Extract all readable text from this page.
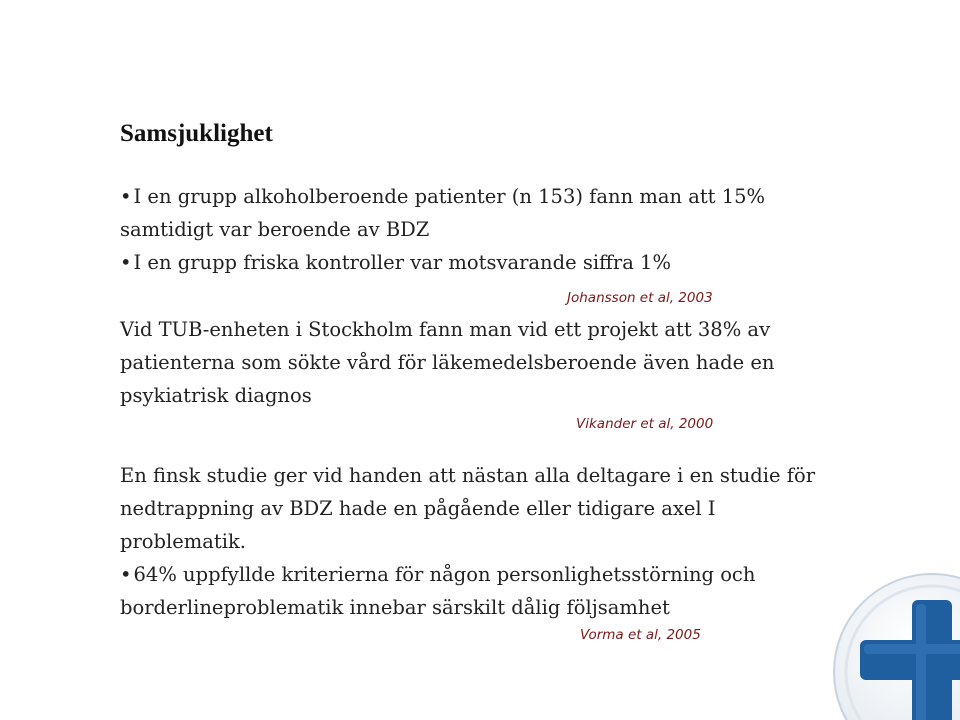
Samsjuklighet

• I en grupp alkoholberoende patienter (n 153) fann man att 15%
samtidigt var beroende av BDZ
• I en grupp friska kontroller var motsvarande siffra 1%

Johansson et al, 2003

Vid TUB-enheten i Stockholm fann man vid ett projekt att 38% av
patienterna som sökte vård för läkemedelsberoende även hade en
psykiatrisk diagnos

Vikander et al, 2000

En finsk studie ger vid handen att nästan alla deltagare i en studie för
nedtrappning av BDZ hade en pågående eller tidigare axel I
problematik.
• 64% uppfyllde kriterierna för någon personlighetsstörning och
borderlineproblematik innebar särskilt dålig följsamhet

Vorma et al, 2005
